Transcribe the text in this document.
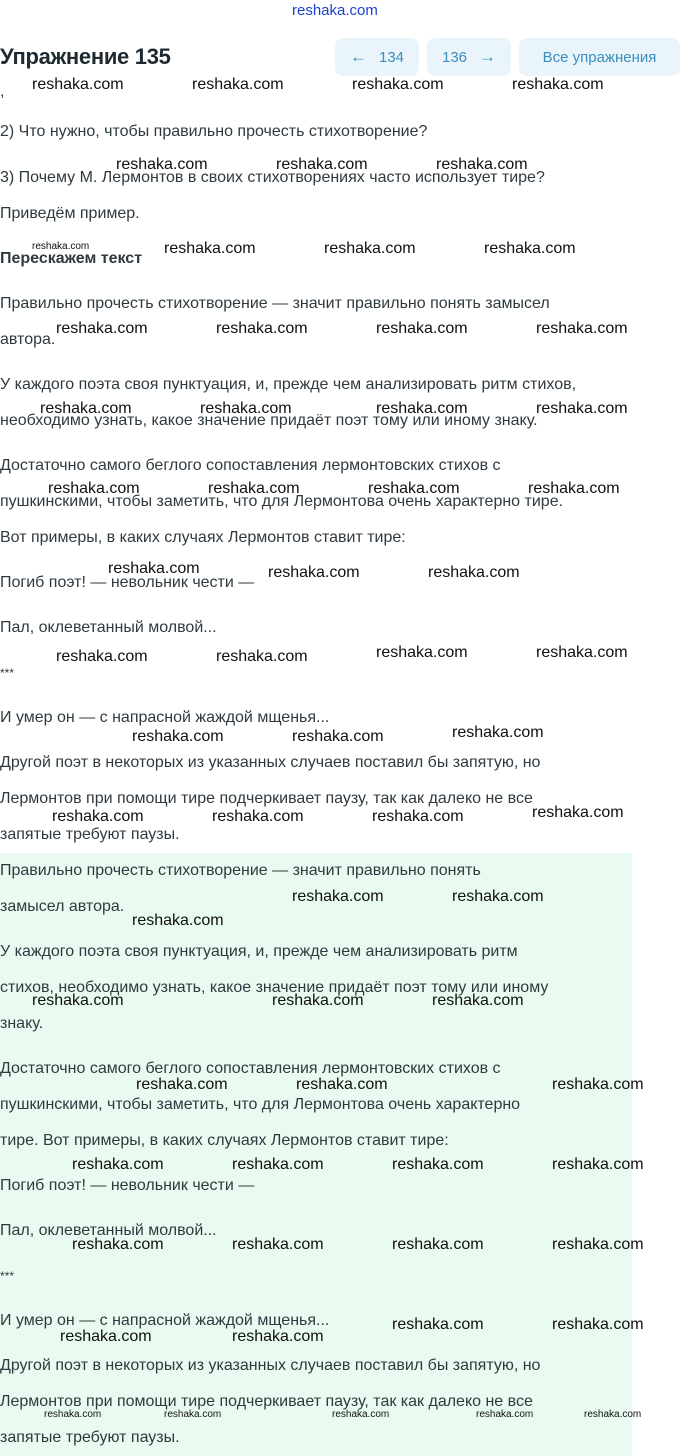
reshaka.com
Упражнение 135	← 134	136 →	Все упражнения
,
2) Что нужно, чтобы правильно прочесть стихотворение?
3) Почему М. Лермонтов в своих стихотворениях часто использует тире?
Приведём пример.
Перескажем текст
Правильно прочесть стихотворение — значит правильно понять замысел
автора.
У каждого поэта своя пунктуация, и, прежде чем анализировать ритм стихов,
необходимо узнать, какое значение придаёт поэт тому или иному знаку.
Достаточно самого беглого сопоставления лермонтовских стихов с
пушкинскими, чтобы заметить, что для Лермонтова очень характерно тире.
Вот примеры, в каких случаях Лермонтов ставит тире:
Погиб поэт! — невольник чести —
Пал, оклеветанный молвой...
***
И умер он — с напрасной жаждой мщенья...
Другой поэт в некоторых из указанных случаев поставил бы запятую, но
Лермонтов при помощи тире подчеркивает паузу, так как далеко не все
запятые требуют паузы.
Правильно прочесть стихотворение — значит правильно понять
замысел автора.
У каждого поэта своя пунктуация, и, прежде чем анализировать ритм
стихов, необходимо узнать, какое значение придаёт поэт тому или иному
знаку.
Достаточно самого беглого сопоставления лермонтовских стихов с
пушкинскими, чтобы заметить, что для Лермонтова очень характерно
тире. Вот примеры, в каких случаях Лермонтов ставит тире:
Погиб поэт! — невольник чести —
Пал, оклеветанный молвой...
***
И умер он — с напрасной жаждой мщенья...
Другой поэт в некоторых из указанных случаев поставил бы запятую, но
Лермонтов при помощи тире подчеркивает паузу, так как далеко не все
запятые требуют паузы.
reshaka.com	reshaka.com	reshaka.com	reshaka.com
reshaka.com	reshaka.com	reshaka.com
reshaka.com	reshaka.com	reshaka.com	reshaka.com
reshaka.com	reshaka.com	reshaka.com	reshaka.com
reshaka.com	reshaka.com	reshaka.com	reshaka.com
reshaka.com	reshaka.com	reshaka.com	reshaka.com
reshaka.com	reshaka.com	reshaka.com
reshaka.com	reshaka.com	reshaka.com	reshaka.com
reshaka.com	reshaka.com	reshaka.com
reshaka.com	reshaka.com	reshaka.com	reshaka.com
reshaka.com	reshaka.com
reshaka.com
reshaka.com	reshaka.com	reshaka.com
reshaka.com	reshaka.com	reshaka.com
reshaka.com	reshaka.com	reshaka.com	reshaka.com
reshaka.com	reshaka.com	reshaka.com	reshaka.com
reshaka.com	reshaka.com
reshaka.com	reshaka.com
reshaka.com	reshaka.com	reshaka.com	reshaka.com	reshaka.com
